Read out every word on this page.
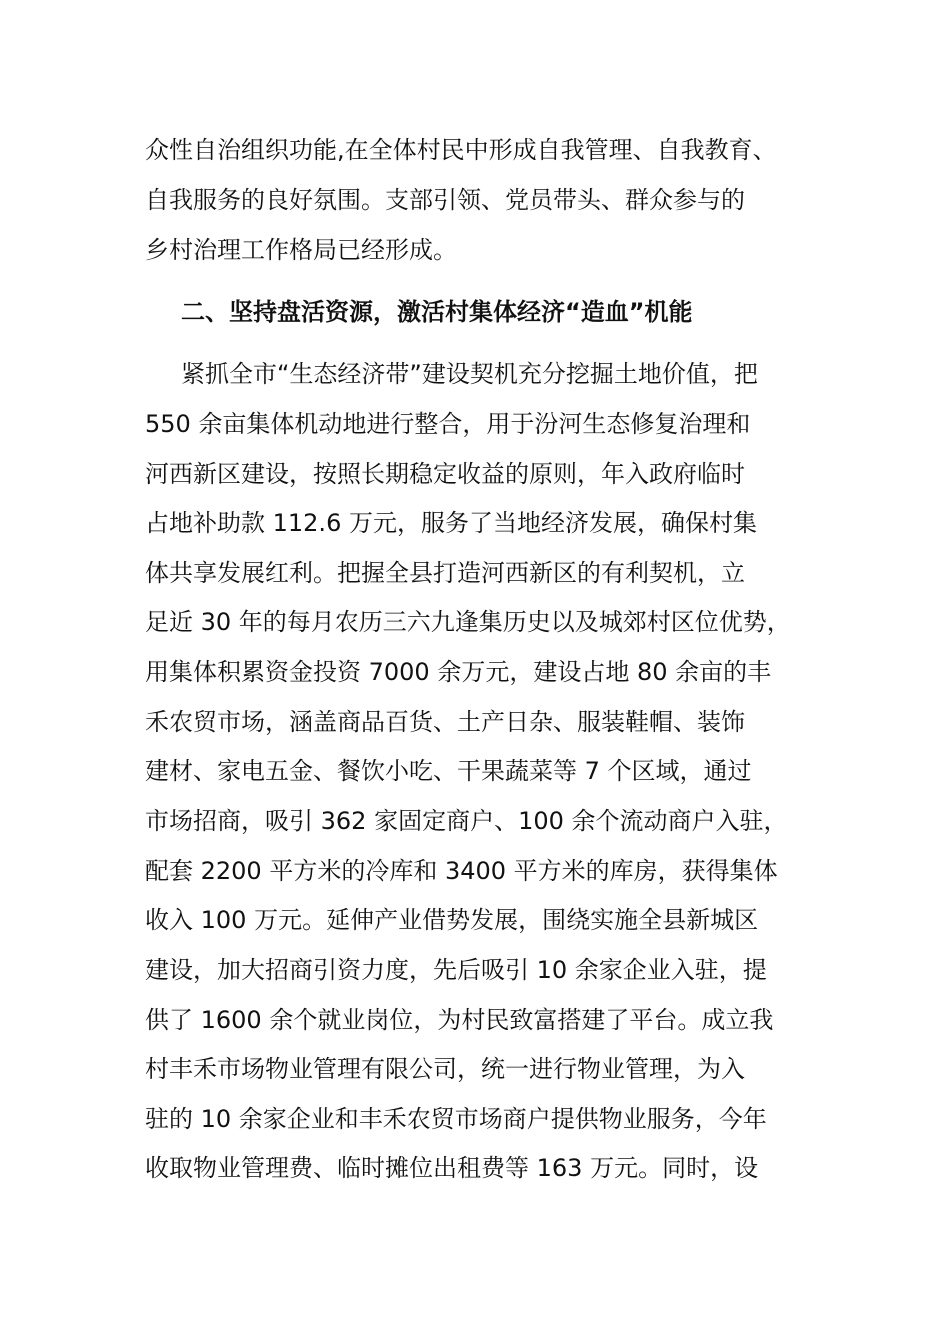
众性自治组织功能,在全体村民中形成自我管理、自我教育、
自我服务的良好氛围。支部引领、党员带头、群众参与的
乡村治理工作格局已经形成。
二、坚持盘活资源，激活村集体经济“造血”机能
紧抓全市“生态经济带”建设契机充分挖掘土地价值，把
550 余亩集体机动地进行整合，用于汾河生态修复治理和
河西新区建设，按照长期稳定收益的原则，年入政府临时
占地补助款 112.6 万元，服务了当地经济发展，确保村集
体共享发展红利。把握全县打造河西新区的有利契机，立
足近 30 年的每月农历三六九逢集历史以及城郊村区位优势，
用集体积累资金投资 7000 余万元，建设占地 80 余亩的丰
禾农贸市场，涵盖商品百货、土产日杂、服装鞋帽、装饰
建材、家电五金、餐饮小吃、干果蔬菜等 7 个区域，通过
市场招商，吸引 362 家固定商户、100 余个流动商户入驻，
配套 2200 平方米的冷库和 3400 平方米的库房，获得集体
收入 100 万元。延伸产业借势发展，围绕实施全县新城区
建设，加大招商引资力度，先后吸引 10 余家企业入驻，提
供了 1600 余个就业岗位，为村民致富搭建了平台。成立我
村丰禾市场物业管理有限公司，统一进行物业管理，为入
驻的 10 余家企业和丰禾农贸市场商户提供物业服务，今年
收取物业管理费、临时摊位出租费等 163 万元。同时，设
